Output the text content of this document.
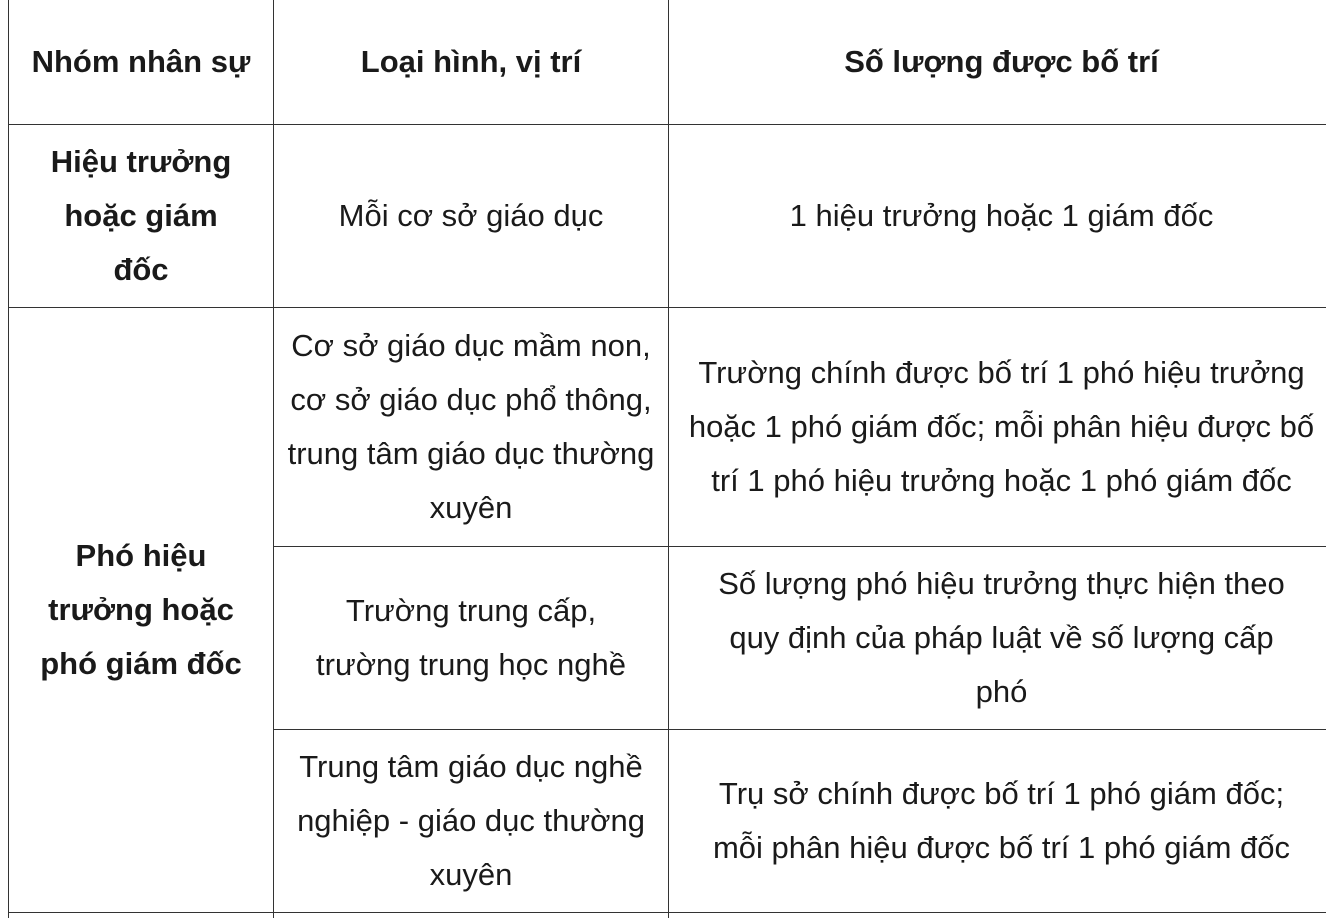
Nhóm nhân sự	Loại hình, vị trí	Số lượng được bố trí

Hiệu trưởng hoặc giám đốc	Mỗi cơ sở giáo dục	1 hiệu trưởng hoặc 1 giám đốc

Phó hiệu trưởng hoặc phó giám đốc	Cơ sở giáo dục mầm non, cơ sở giáo dục phổ thông, trung tâm giáo dục thường xuyên	Trường chính được bố trí 1 phó hiệu trưởng hoặc 1 phó giám đốc; mỗi phân hiệu được bố trí 1 phó hiệu trưởng hoặc 1 phó giám đốc

	Trường trung cấp, trường trung học nghề	Số lượng phó hiệu trưởng thực hiện theo quy định của pháp luật về số lượng cấp phó

	Trung tâm giáo dục nghề nghiệp - giáo dục thường xuyên	Trụ sở chính được bố trí 1 phó giám đốc; mỗi phân hiệu được bố trí 1 phó giám đốc
